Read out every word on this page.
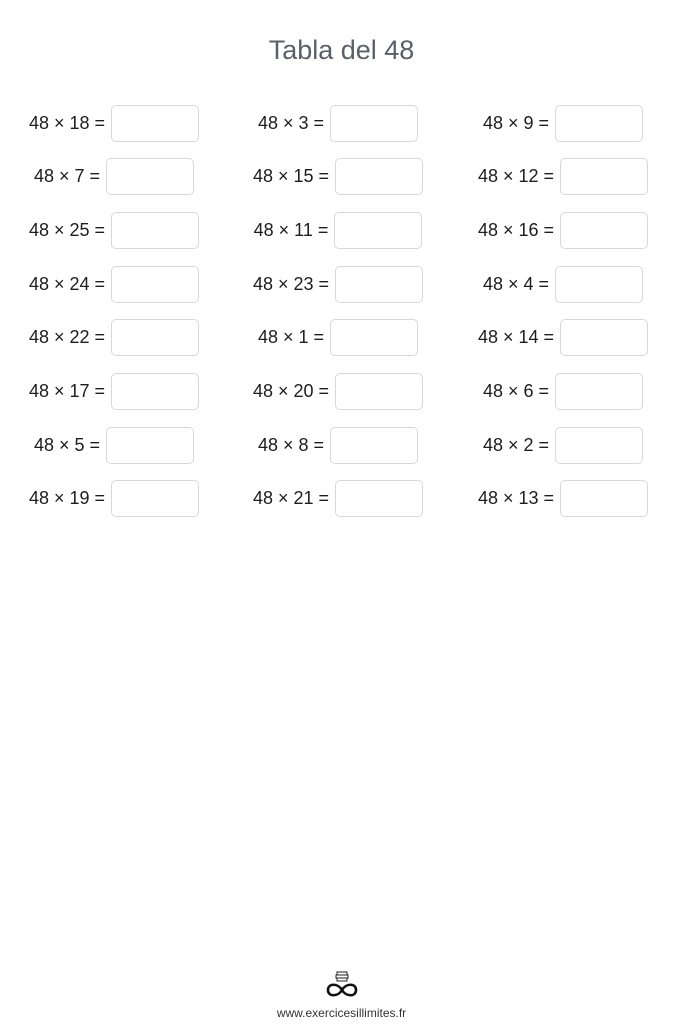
Tabla del 48
48 × 18 =	48 × 3 =	48 × 9 =
48 × 7 =	48 × 15 =	48 × 12 =
48 × 25 =	48 × 11 =	48 × 16 =
48 × 24 =	48 × 23 =	48 × 4 =
48 × 22 =	48 × 1 =	48 × 14 =
48 × 17 =	48 × 20 =	48 × 6 =
48 × 5 =	48 × 8 =	48 × 2 =
48 × 19 =	48 × 21 =	48 × 13 =
www.exercicesillimites.fr
